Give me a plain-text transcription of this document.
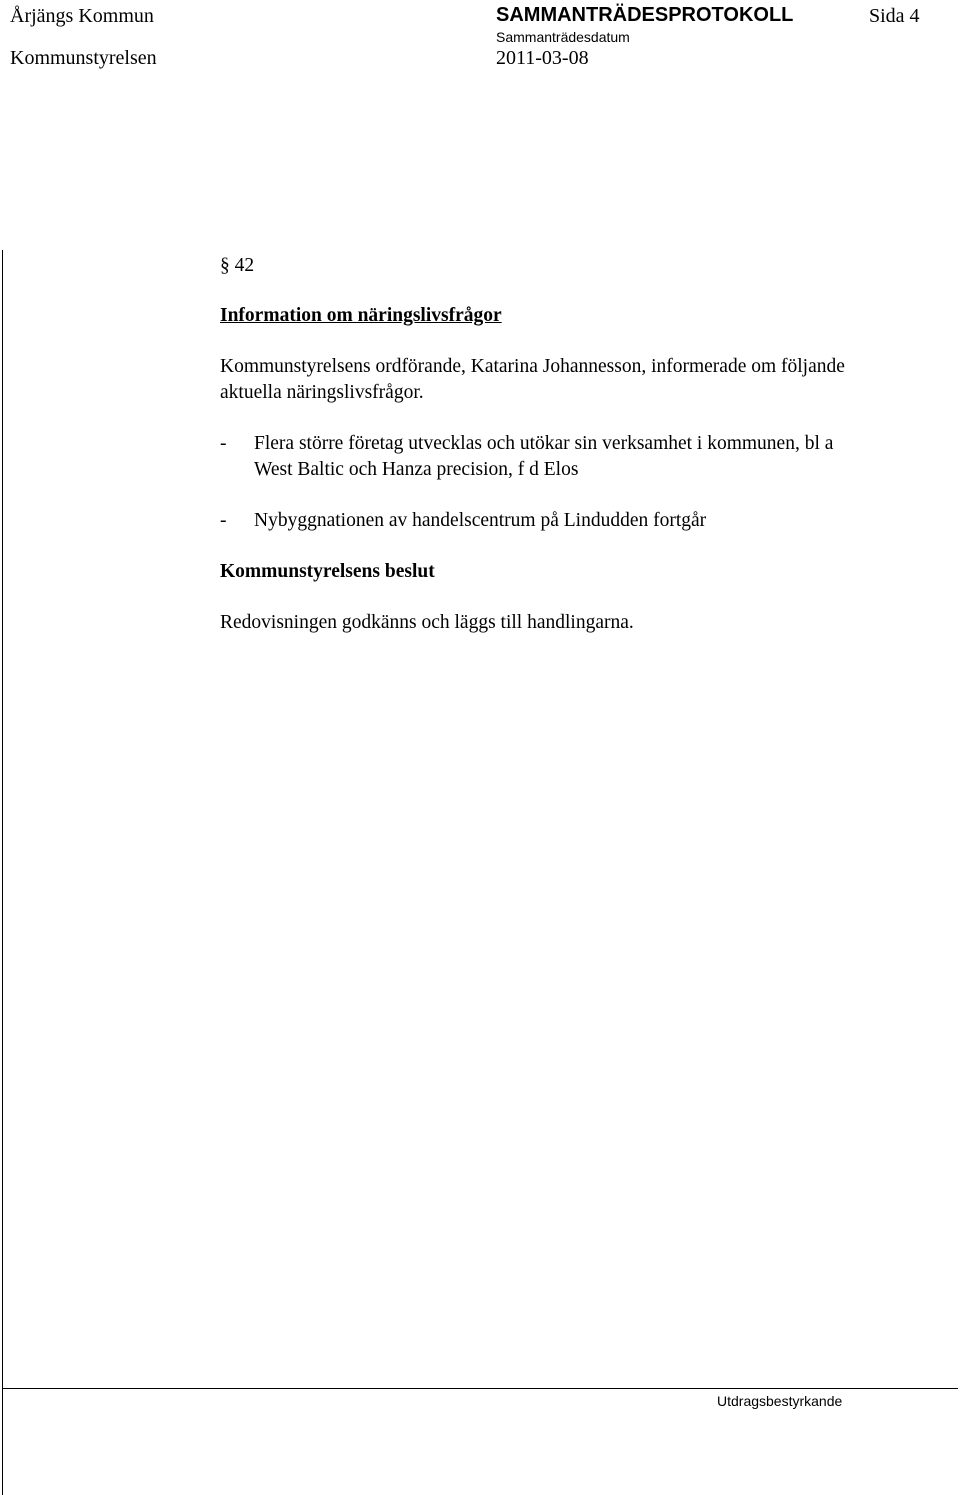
Årjängs Kommun	SAMMANTRÄDESPROTOKOLL	Sida 4
Kommunstyrelsen
Sammanträdesdatum
2011-03-08
§ 42
Information om näringslivsfrågor
Kommunstyrelsens ordförande, Katarina Johannesson, informerade om följande
aktuella näringslivsfrågor.
- Flera större företag utvecklas och utökar sin verksamhet i kommunen, bl a
West Baltic och Hanza precision, f d Elos
- Nybyggnationen av handelscentrum på Lindudden fortgår
Kommunstyrelsens beslut
Redovisningen godkänns och läggs till handlingarna.
Utdragsbestyrkande
